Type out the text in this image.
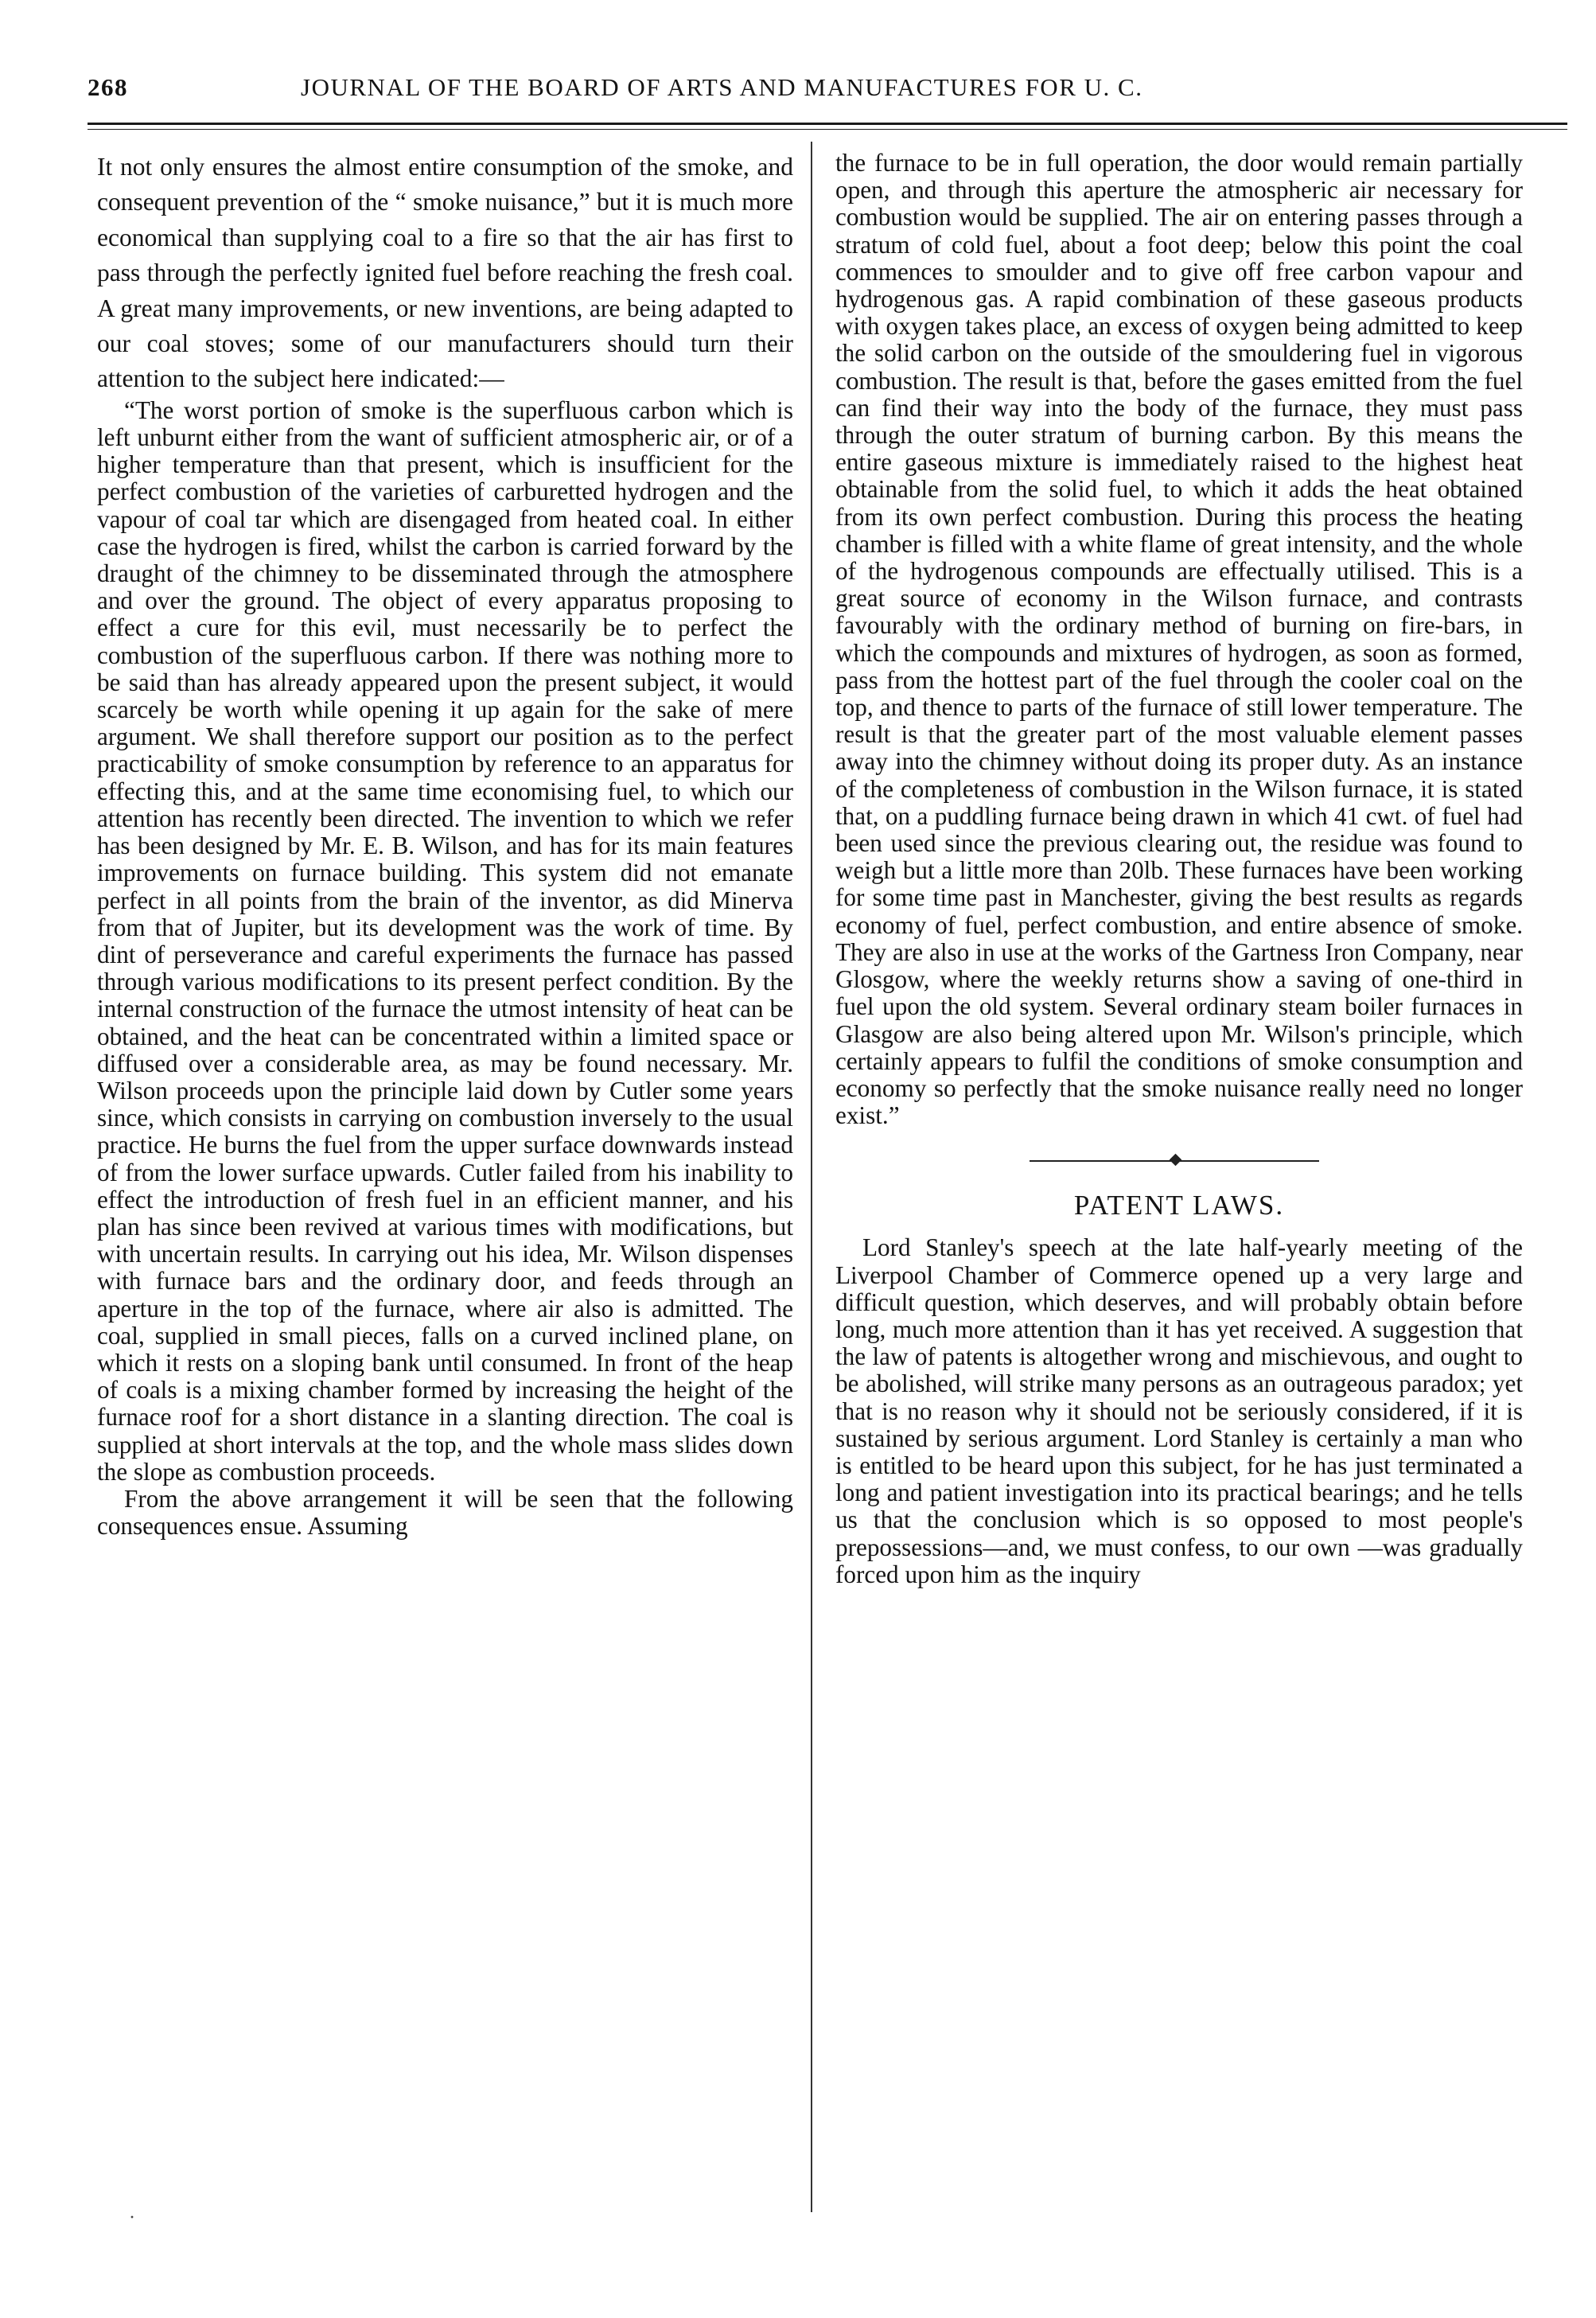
268	JOURNAL OF THE BOARD OF ARTS AND MANUFACTURES FOR U. C.

It not only ensures the almost entire consumption of the smoke, and consequent prevention of the “ smoke nuisance,” but it is much more economical than supplying coal to a fire so that the air has first to pass through the perfectly ignited fuel before reaching the fresh coal. A great many improvements, or new inventions, are being adapted to our coal stoves; some of our manufacturers should turn their attention to the subject here indicated:—

“The worst portion of smoke is the superfluous carbon which is left unburnt either from the want of sufficient atmospheric air, or of a higher temperature than that present, which is insufficient for the perfect combustion of the varieties of carburetted hydrogen and the vapour of coal tar which are disengaged from heated coal. In either case the hydrogen is fired, whilst the carbon is carried forward by the draught of the chimney to be disseminated through the atmosphere and over the ground. The object of every apparatus proposing to effect a cure for this evil, must necessarily be to perfect the combustion of the superfluous carbon. If there was nothing more to be said than has already appeared upon the present subject, it would scarcely be worth while opening it up again for the sake of mere argument. We shall therefore support our position as to the perfect practicability of smoke consumption by reference to an apparatus for effecting this, and at the same time economising fuel, to which our attention has recently been directed. The invention to which we refer has been designed by Mr. E. B. Wilson, and has for its main features improvements on furnace building. This system did not emanate perfect in all points from the brain of the inventor, as did Minerva from that of Jupiter, but its development was the work of time. By dint of perseverance and careful experiments the furnace has passed through various modifications to its present perfect condition. By the internal construction of the furnace the utmost intensity of heat can be obtained, and the heat can be concentrated within a limited space or diffused over a considerable area, as may be found necessary. Mr. Wilson proceeds upon the principle laid down by Cutler some years since, which consists in carrying on combustion inversely to the usual practice. He burns the fuel from the upper surface downwards instead of from the lower surface upwards. Cutler failed from his inability to effect the introduction of fresh fuel in an efficient manner, and his plan has since been revived at various times with modifications, but with uncertain results. In carrying out his idea, Mr. Wilson dispenses with furnace bars and the ordinary door, and feeds through an aperture in the top of the furnace, where air also is admitted. The coal, supplied in small pieces, falls on a curved inclined plane, on which it rests on a sloping bank until consumed. In front of the heap of coals is a mixing chamber formed by increasing the height of the furnace roof for a short distance in a slanting direction. The coal is supplied at short intervals at the top, and the whole mass slides down the slope as combustion proceeds.

From the above arrangement it will be seen that the following consequences ensue. Assuming

the furnace to be in full operation, the door would remain partially open, and through this aperture the atmospheric air necessary for combustion would be supplied. The air on entering passes through a stratum of cold fuel, about a foot deep; below this point the coal commences to smoulder and to give off free carbon vapour and hydrogenous gas. A rapid combination of these gaseous products with oxygen takes place, an excess of oxygen being admitted to keep the solid carbon on the outside of the smouldering fuel in vigorous combustion. The result is that, before the gases emitted from the fuel can find their way into the body of the furnace, they must pass through the outer stratum of burning carbon. By this means the entire gaseous mixture is immediately raised to the highest heat obtainable from the solid fuel, to which it adds the heat obtained from its own perfect combustion. During this process the heating chamber is filled with a white flame of great intensity, and the whole of the hydrogenous compounds are effectually utilised. This is a great source of economy in the Wilson furnace, and contrasts favourably with the ordinary method of burning on fire-bars, in which the compounds and mixtures of hydrogen, as soon as formed, pass from the hottest part of the fuel through the cooler coal on the top, and thence to parts of the furnace of still lower temperature. The result is that the greater part of the most valuable element passes away into the chimney without doing its proper duty. As an instance of the completeness of combustion in the Wilson furnace, it is stated that, on a puddling furnace being drawn in which 41 cwt. of fuel had been used since the previous clearing out, the residue was found to weigh but a little more than 20lb. These furnaces have been working for some time past in Manchester, giving the best results as regards economy of fuel, perfect combustion, and entire absence of smoke. They are also in use at the works of the Gartness Iron Company, near Glosgow, where the weekly returns show a saving of one-third in fuel upon the old system. Several ordinary steam boiler furnaces in Glasgow are also being altered upon Mr. Wilson's principle, which certainly appears to fulfil the conditions of smoke consumption and economy so perfectly that the smoke nuisance really need no longer exist.”

PATENT LAWS.

Lord Stanley's speech at the late half-yearly meeting of the Liverpool Chamber of Commerce opened up a very large and difficult question, which deserves, and will probably obtain before long, much more attention than it has yet received. A suggestion that the law of patents is altogether wrong and mischievous, and ought to be abolished, will strike many persons as an outrageous paradox; yet that is no reason why it should not be seriously considered, if it is sustained by serious argument. Lord Stanley is certainly a man who is entitled to be heard upon this subject, for he has just terminated a long and patient investigation into its practical bearings; and he tells us that the conclusion which is so opposed to most people's prepossessions—and, we must confess, to our own —was gradually forced upon him as the inquiry

·
